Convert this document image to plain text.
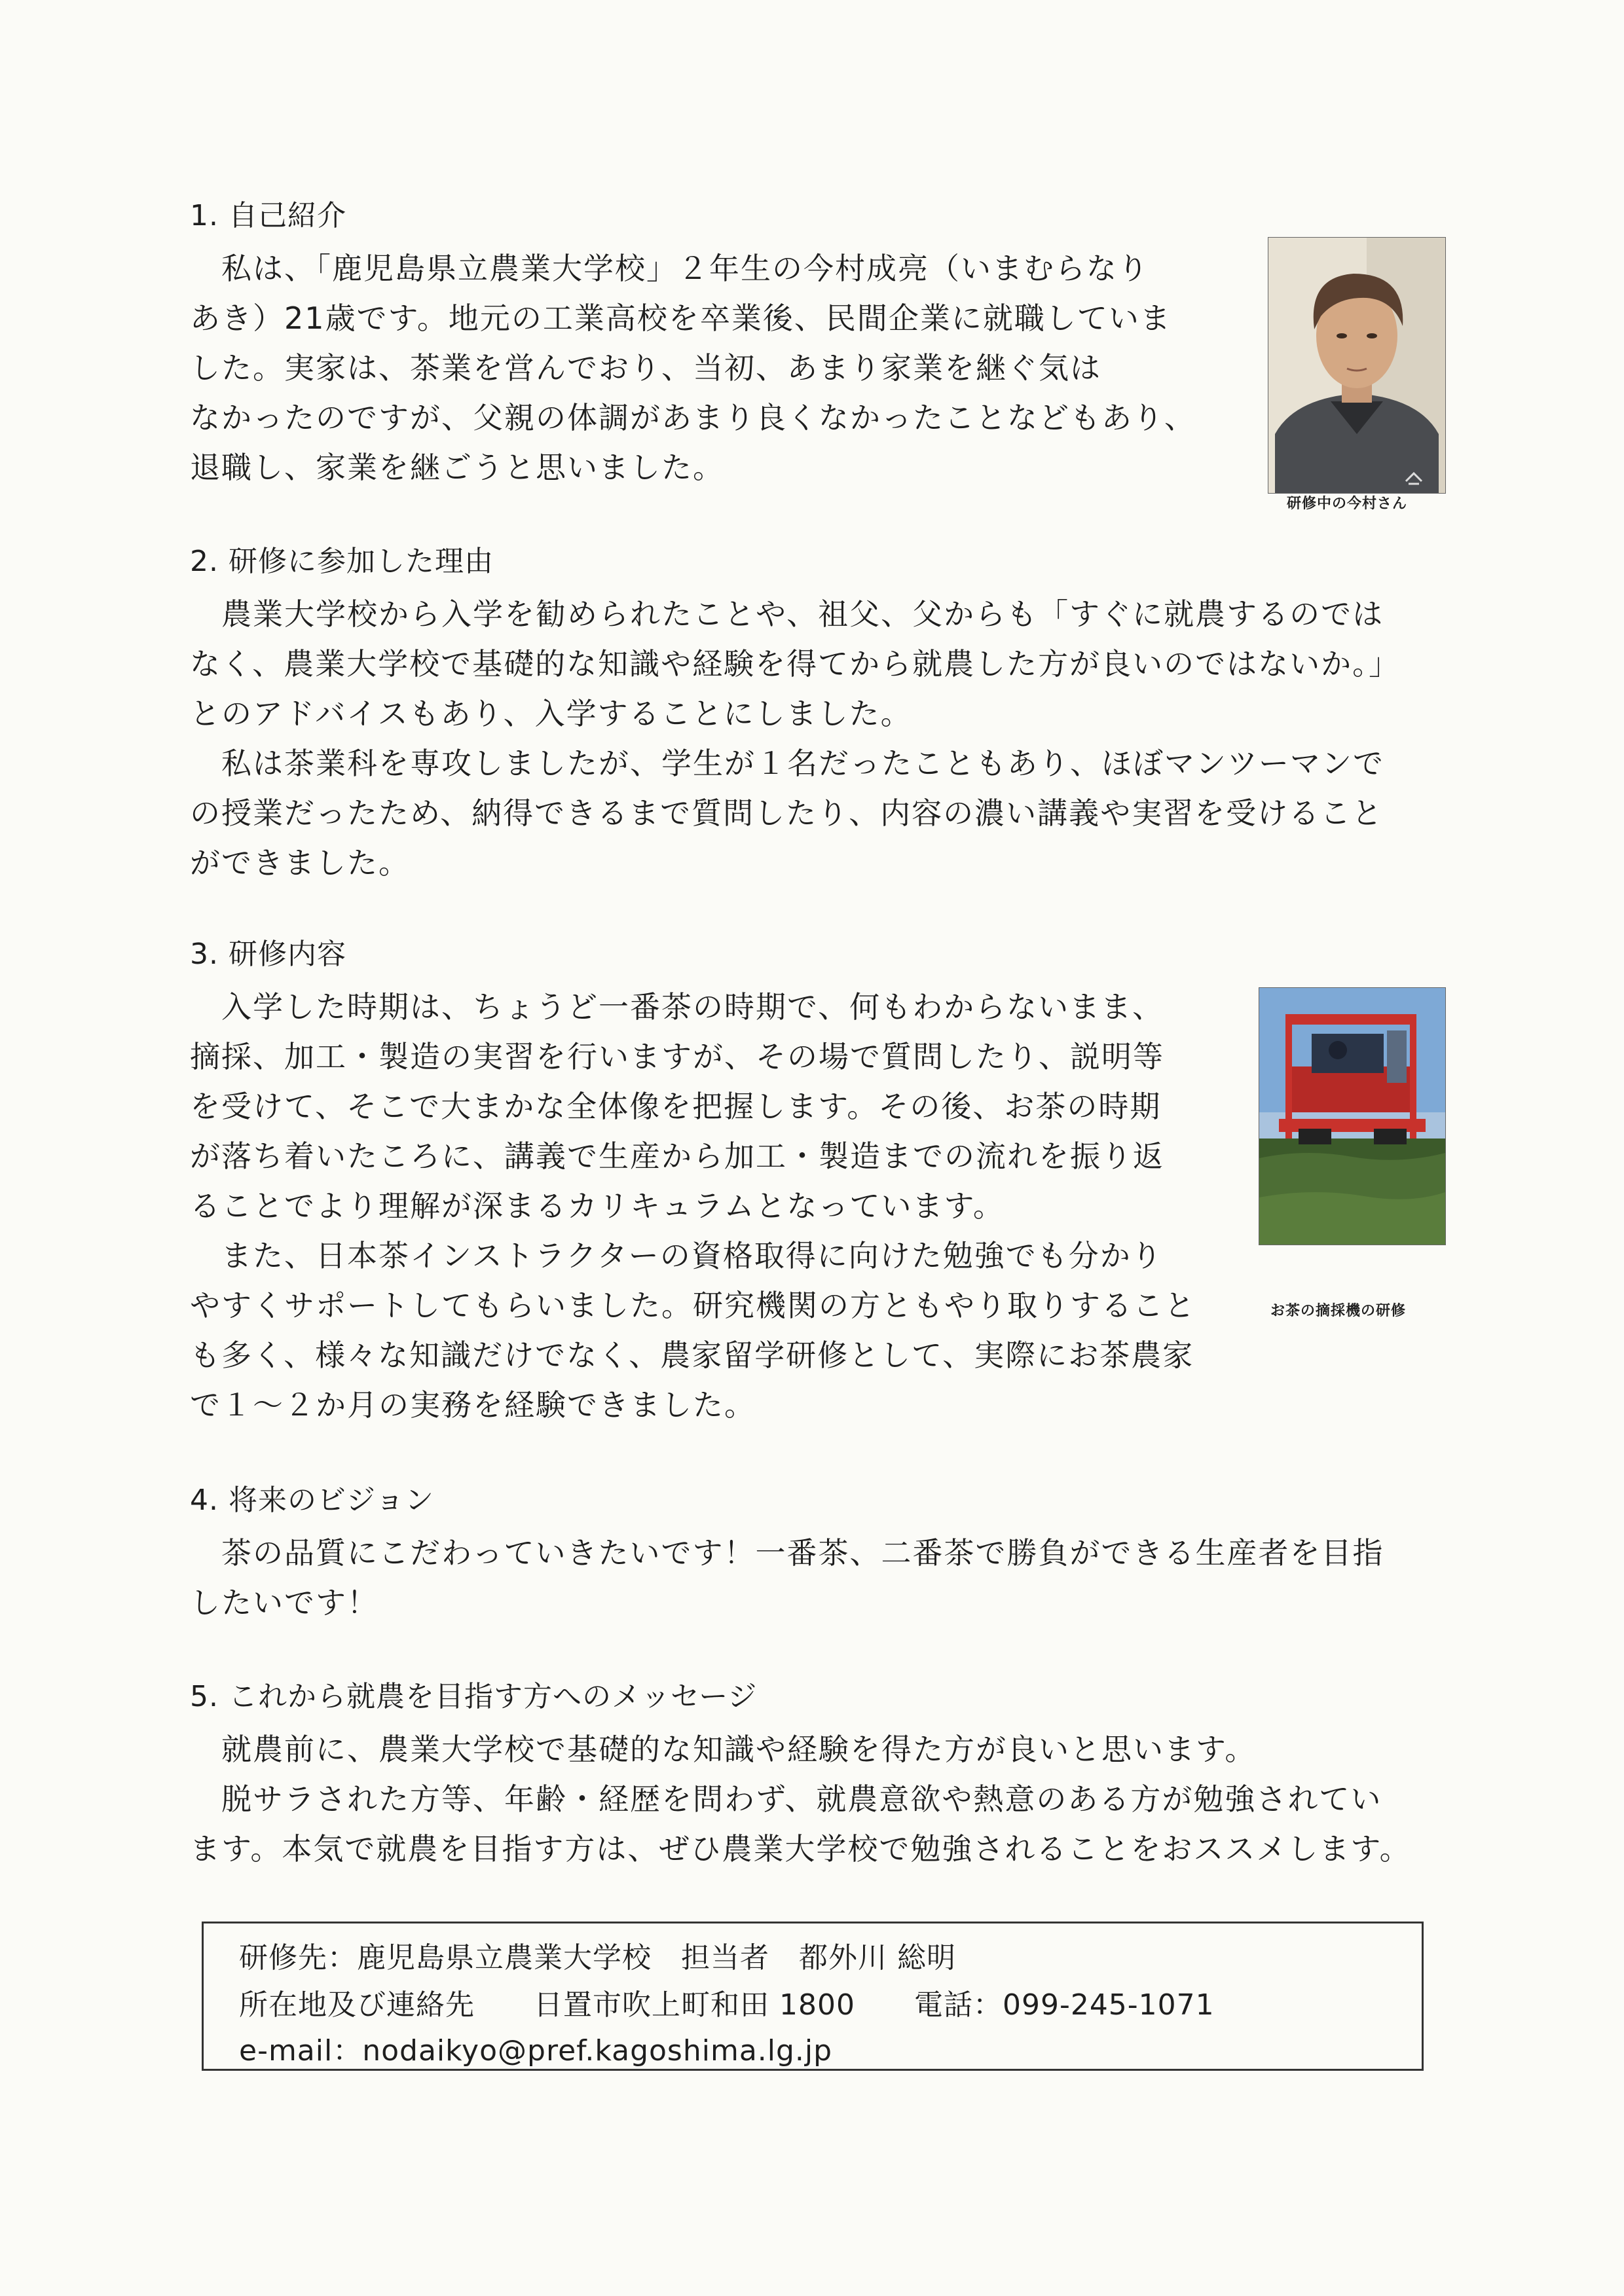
1. 自己紹介

私は、「鹿児島県立農業大学校」２年生の今村成亮（いまむらなり
あき）21歳です。地元の工業高校を卒業後、民間企業に就職していま
した。実家は、茶業を営んでおり、当初、あまり家業を継ぐ気は
なかったのですが、父親の体調があまり良くなかったことなどもあり、
退職し、家業を継ごうと思いました。

研修中の今村さん
2. 研修に参加した理由

農業大学校から入学を勧められたことや、祖父、父からも「すぐに就農するのでは
なく、農業大学校で基礎的な知識や経験を得てから就農した方が良いのではないか。」
とのアドバイスもあり、入学することにしました。
私は茶業科を専攻しましたが、学生が１名だったこともあり、ほぼマンツーマンで
の授業だったため、納得できるまで質問したり、内容の濃い講義や実習を受けること
ができました。

3. 研修内容

入学した時期は、ちょうど一番茶の時期で、何もわからないまま、
摘採、加工・製造の実習を行いますが、その場で質問したり、説明等
を受けて、そこで大まかな全体像を把握します。その後、お茶の時期
が落ち着いたころに、講義で生産から加工・製造までの流れを振り返
ることでより理解が深まるカリキュラムとなっています。
また、日本茶インストラクターの資格取得に向けた勉強でも分かり
やすくサポートしてもらいました。研究機関の方ともやり取りすること
も多く、様々な知識だけでなく、農家留学研修として、実際にお茶農家
で１～２か月の実務を経験できました。

お茶の摘採機の研修
4. 将来のビジョン

茶の品質にこだわっていきたいです！一番茶、二番茶で勝負ができる生産者を目指
したいです！

5. これから就農を目指す方へのメッセージ

就農前に、農業大学校で基礎的な知識や経験を得た方が良いと思います。
脱サラされた方等、年齢・経歴を問わず、就農意欲や熱意のある方が勉強されてい
ます。本気で就農を目指す方は、ぜひ農業大学校で勉強されることをおススメします。

研修先：鹿児島県立農業大学校　担当者　都外川 総明
所在地及び連絡先　　日置市吹上町和田 1800　　電話：099-245-1071
e-mail：nodaikyo@pref.kagoshima.lg.jp
